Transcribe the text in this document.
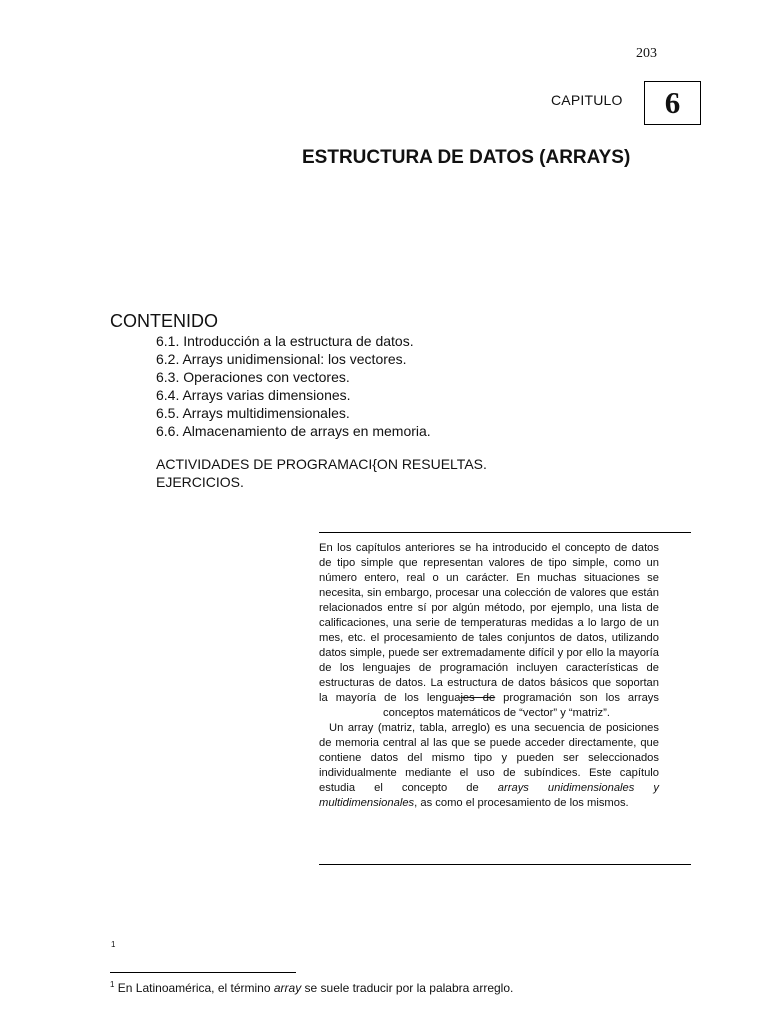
203
CAPITULO 6
ESTRUCTURA DE DATOS (ARRAYS)
CONTENIDO
6.1. Introducción a la estructura de datos.
6.2. Arrays unidimensional: los vectores.
6.3. Operaciones con vectores.
6.4. Arrays varias dimensiones.
6.5. Arrays multidimensionales.
6.6. Almacenamiento de arrays en memoria.
ACTIVIDADES DE PROGRAMACI{ON RESUELTAS.
EJERCICIOS.

En los capítulos anteriores se ha introducido el concepto de datos de tipo simple que representan valores de tipo simple, como un número entero, real o un carácter. En muchas situaciones se necesita, sin embargo, procesar una colección de valores que están relacionados entre sí por algún método, por ejemplo, una lista de calificaciones, una serie de temperaturas medidas a lo largo de un mes, etc. el procesamiento de tales conjuntos de datos, utilizando datos simple, puede ser extremadamente difícil y por ello la mayoría de los lenguajes de programación incluyen características de estructuras de datos. La estructura de datos básicos que soportan la mayoría de los lenguajes de programación son los arraysconceptos matemáticos de “vector” y “matriz”.

Un array (matriz, tabla, arreglo) es una secuencia de posiciones de memoria central al las que se puede acceder directamente, que contiene datos del mismo tipo y pueden ser seleccionados individualmente mediante el uso de subíndices. Este capítulo estudia el concepto de arrays unidimensionales y multidimensionales, as como el procesamiento de los mismos.

1
$^1$ En Latinoamérica, el término array se suele traducir por la palabra arreglo.
